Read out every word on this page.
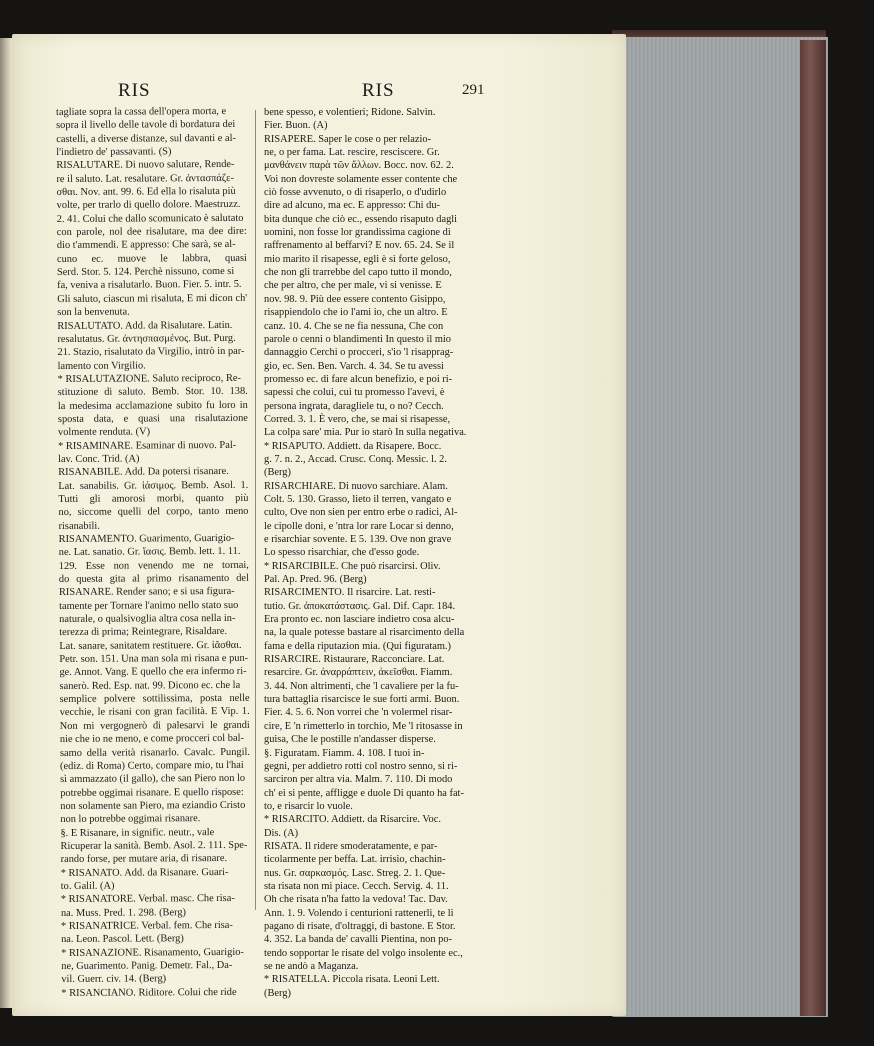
RIS	RIS	291
tagliate sopra la cassa dell'opera morta, e
sopra il livello delle tavole di bordatura dei
castelli, a diverse distanze, sul davanti e al-
l'indietro de' passavanti. (S)
RISALUTARE. Di nuovo salutare, Rende-
re il saluto. Lat. resalutare. Gr. ἀντασπάζε-
σθαι. Nov. ant. 99. 6. Ed ella lo risaluta più
volte, per trarlo di quello dolore. Maestruzz.
2. 41. Colui che dallo scomunicato è salutato
con parole, nol dee risalutare, ma dee dire:
dio t'ammendi. E appresso: Che sarà, se al-
cuno ec. muove le labbra, quasi
Serd. Stor. 5. 124. Perchè nissuno, come si
fa, veniva a risalutarlo. Buon. Fier. 5. intr. 5.
Gli saluto, ciascun mi risaluta, E mi dicon ch'
son la benvenuta.
RISALUTATO. Add. da Risalutare. Latin.
resalutatus. Gr. ἀντησπασμένος. But. Purg.
21. Stazio, risalutato da Virgilio, intrò in par-
lamento con Virgilio.
* RISALUTAZIONE. Saluto reciproco, Re-
stituzione di saluto. Bemb. Stor. 10. 138.
la medesima acclamazione subito fu loro in
sposta data, e quasi una risalutazione
volmente renduta. (V)
* RISAMINARE. Esaminar di nuovo. Pal-
lav. Conc. Trid. (A)
RISANABILE. Add. Da potersi risanare.
Lat. sanabilis. Gr. ἰάσιμος. Bemb. Asol. 1.
Tutti gli amorosi morbi, quanto più
no, siccome quelli del corpo, tanto meno
risanabili.
RISANAMENTO. Guarimento, Guarigio-
ne. Lat. sanatio. Gr. ἴασις. Bemb. lett. 1. 11.
129. Esse non venendo me ne tornai,
do questa gita al primo risanamento del
RISANARE. Render sano; e si usa figura-
tamente per Tornare l'animo nello stato suo
naturale, o qualsivoglia altra cosa nella in-
terezza di prima; Reintegrare, Risaldare.
Lat. sanare, sanitatem restituere. Gr. ἰᾶσθαι.
Petr. son. 151. Una man sola mi risana e pun-
ge. Annot. Vang. E quello che era infermo ri-
sanerò. Red. Esp. nat. 99. Dicono ec. che la
semplice polvere sottilissima, posta nelle
vecchie, le risani con gran facilità. E Vip. 1.
Non mi vergognerò di palesarvi le grandi
nie che io ne meno, e come procceri col bal-
samo della verità risanarlo. Cavalc. Pungil.
(ediz. di Roma) Certo, compare mio, tu l'hai
sì ammazzato (il gallo), che san Piero non lo
potrebbe oggimai risanare. E quello rispose:
non solamente san Piero, ma eziandio Cristo
non lo potrebbe oggimai risanare.
§. E Risanare, in signific. neutr., vale
Ricuperar la sanità. Bemb. Asol. 2. 111. Spe-
rando forse, per mutare aria, di risanare.
* RISANATO. Add. da Risanare. Guari-
to. Galil. (A)
* RISANATORE. Verbal. masc. Che risa-
na. Muss. Pred. 1. 298. (Berg)
* RISANATRICE. Verbal. fem. Che risa-
na. Leon. Pascol. Lett. (Berg)
* RISANAZIONE. Risanamento, Guarigio-
ne, Guarimento. Panig. Demetr. Fal., Da-
vil. Guerr. civ. 14. (Berg)
* RISANCIANO. Riditore. Colui che ride
bene spesso, e volentieri; Ridone. Salvin.
Fier. Buon. (A)
RISAPERE. Saper le cose o per relazio-
ne, o per fama. Lat. rescire, resciscere. Gr.
μανθάνειν παρὰ τῶν ἄλλων. Bocc. nov. 62. 2.
Voi non dovreste solamente esser contente che
ciò fosse avvenuto, o di risaperlo, o d'udirlo
dire ad alcuno, ma ec. E appresso: Chi du-
bita dunque che ciò ec., essendo risaputo dagli
uomini, non fosse lor grandissima cagione di
raffrenamento al beffarvi? E nov. 65. 24. Se il
mio marito il risapesse, egli è sì forte geloso,
che non gli trarrebbe del capo tutto il mondo,
che per altro, che per male, vi si venisse. E
nov. 98. 9. Più dee essere contento Gisippo,
risappiendolo che io l'ami io, che un altro. E
canz. 10. 4. Che se ne fia nessuna, Che con
parole o cenni o blandimenti In questo il mio
dannaggio Cerchi o procceri, s'io 'l risapprag-
gio, ec. Sen. Ben. Varch. 4. 34. Se tu avessi
promesso ec. di fare alcun benefizio, e poi ri-
sapessi che colui, cui tu promesso l'avevi, è
persona ingrata, daragliele tu, o no? Cecch.
Corred. 3. 1. È vero, che, se mai si risapesse,
La colpa sare' mia. Pur io starò In sulla negativa.
* RISAPUTO. Addiett. da Risapere. Bocc.
g. 7. n. 2., Accad. Crusc. Conq. Messic. l. 2.
(Berg)
RISARCHIARE. Di nuovo sarchiare. Alam.
Colt. 5. 130. Grasso, lieto il terren, vangato e
culto, Ove non sien per entro erbe o radici, Al-
le cipolle doni, e 'ntra lor rare Locar si denno,
e risarchiar sovente. E 5. 139. Ove non grave
Lo spesso risarchiar, che d'esso gode.
* RISARCIBILE. Che può risarcirsi. Oliv.
Pal. Ap. Pred. 96. (Berg)
RISARCIMENTO. Il risarcire. Lat. resti-
tutio. Gr. ἀποκατάστασις. Gal. Dif. Capr. 184.
Era pronto ec. non lasciare indietro cosa alcu-
na, la quale potesse bastare al risarcimento della
fama e della riputazion mia. (Qui figuratam.)
RISARCIRE. Ristaurare, Racconciare. Lat.
resarcire. Gr. ἀναρράπτειν, ἀκεῖσθαι. Fiamm.
3. 44. Non altrimenti, che 'l cavaliere per la fu-
tura battaglia risarcisce le sue forti armi. Buon.
Fier. 4. 5. 6. Non vorrei che 'n volermel risar-
cire, E 'n rimetterlo in torchio, Me 'l ritosasse in
guisa, Che le postille n'andasser disperse.
§. Figuratam. Fiamm. 4. 108. I tuoi in-
gegni, per addietro rotti col nostro senno, si ri-
sarciron per altra via. Malm. 7. 110. Di modo
ch' ei si pente, affligge e duole Di quanto ha fat-
to, e risarcir lo vuole.
* RISARCITO. Addiett. da Risarcire. Voc.
Dis. (A)
RISATA. Il ridere smoderatamente, e par-
ticolarmente per beffa. Lat. irrisio, chachin-
nus. Gr. σαρκασμός. Lasc. Streg. 2. 1. Que-
sta risata non mi piace. Cecch. Servig. 4. 11.
Oh che risata n'ha fatto la vedova! Tac. Dav.
Ann. 1. 9. Volendo i centurioni rattenerli, te li
pagano di risate, d'oltraggi, di bastone. E Stor.
4. 352. La banda de' cavalli Pientina, non po-
tendo sopportar le risate del volgo insolente ec.,
se ne andò a Maganza.
* RISATELLA. Piccola risata. Leoni Lett.
(Berg)
